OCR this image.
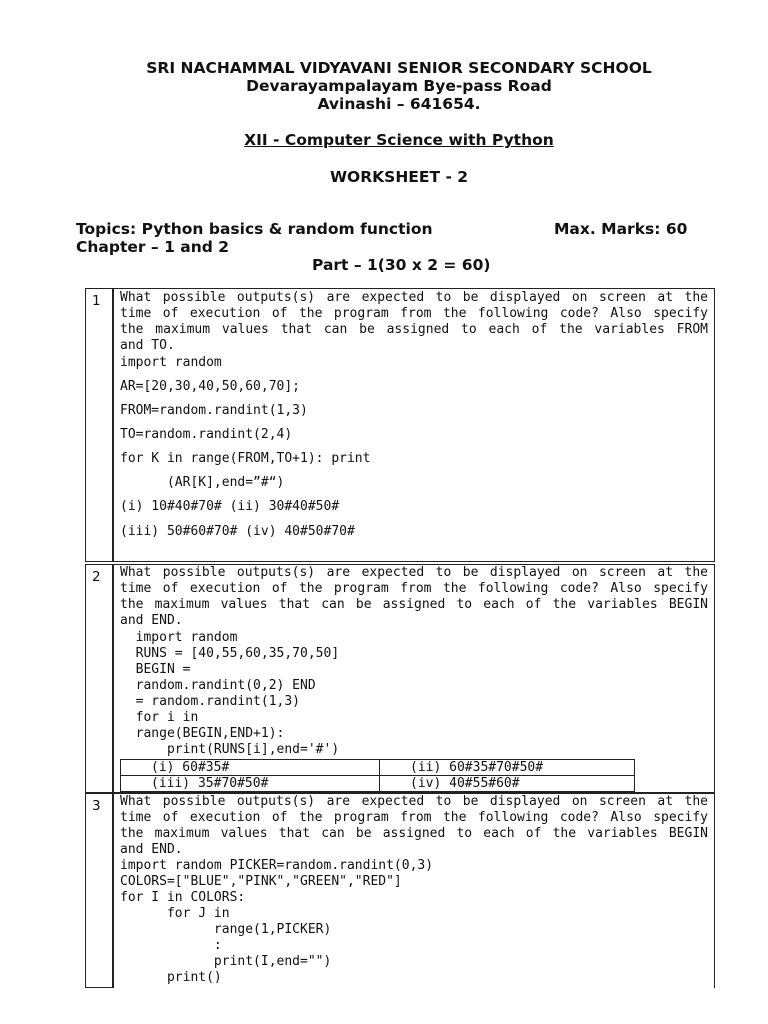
SRI NACHAMMAL VIDYAVANI SENIOR SECONDARY SCHOOL
Devarayampalayam Bye-pass Road
Avinashi – 641654.
XII - Computer Science with Python
WORKSHEET - 2
Topics: Python basics & random function	Max. Marks: 60
Chapter – 1 and 2
Part – 1(30 x 2 = 60)
1 What possible outputs(s) are expected to be displayed on screen at the
time of execution of the program from the following code? Also specify
the maximum values that can be assigned to each of the variables FROM
and TO.
import random
AR=[20,30,40,50,60,70];
FROM=random.randint(1,3)
TO=random.randint(2,4)
for K in range(FROM,TO+1): print
(AR[K],end=”#“)
(i) 10#40#70# (ii) 30#40#50#
(iii) 50#60#70# (iv) 40#50#70#
2 What possible outputs(s) are expected to be displayed on screen at the
time of execution of the program from the following code? Also specify
the maximum values that can be assigned to each of the variables BEGIN
and END.
import random
RUNS = [40,55,60,35,70,50]
BEGIN =
random.randint(0,2) END
= random.randint(1,3)
for i in
range(BEGIN,END+1):
print(RUNS[i],end='#')
(i) 60#35#	(ii) 60#35#70#50#
(iii) 35#70#50#	(iv) 40#55#60#
3 What possible outputs(s) are expected to be displayed on screen at the
time of execution of the program from the following code? Also specify
the maximum values that can be assigned to each of the variables BEGIN
and END.
import random PICKER=random.randint(0,3)
COLORS=["BLUE","PINK","GREEN","RED"]
for I in COLORS:
for J in
range(1,PICKER)
:
print(I,end="")
print()
